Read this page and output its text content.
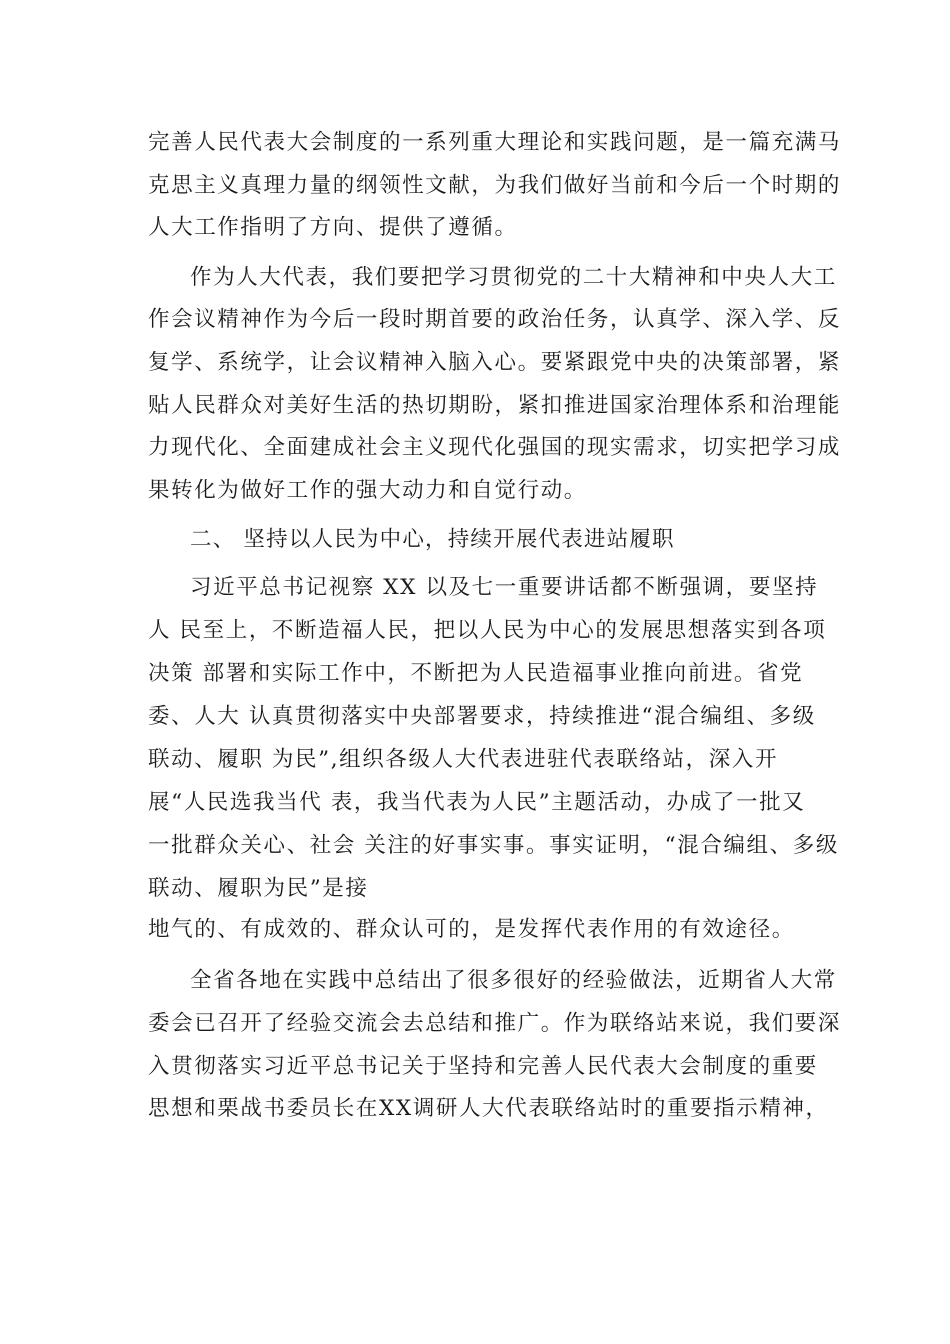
完善人民代表大会制度的一系列重大理论和实践问题，是一篇充满马
克思主义真理力量的纲领性文献，为我们做好当前和今后一个时期的
人大工作指明了方向、提供了遵循。
作为人大代表，我们要把学习贯彻党的二十大精神和中央人大工
作会议精神作为今后一段时期首要的政治任务，认真学、深入学、反
复学、系统学，让会议精神入脑入心。要紧跟党中央的决策部署，紧
贴人民群众对美好生活的热切期盼，紧扣推进国家治理体系和治理能
力现代化、全面建成社会主义现代化强国的现实需求，切实把学习成
果转化为做好工作的强大动力和自觉行动。
二、 坚持以人民为中心，持续开展代表进站履职
习近平总书记视察 XX 以及七一重要讲话都不断强调，要坚持
人 民至上，不断造福人民，把以人民为中心的发展思想落实到各项
决策 部署和实际工作中，不断把为人民造福事业推向前进。省党
委、人大 认真贯彻落实中央部署要求，持续推进“混合编组、多级
联动、履职 为民”,组织各级人大代表进驻代表联络站，深入开
展“人民选我当代 表，我当代表为人民”主题活动，办成了一批又
一批群众关心、社会 关注的好事实事。事实证明，“混合编组、多级
联动、履职为民”是接
地气的、有成效的、群众认可的，是发挥代表作用的有效途径。
全省各地在实践中总结出了很多很好的经验做法，近期省人大常
委会已召开了经验交流会去总结和推广。作为联络站来说，我们要深
入贯彻落实习近平总书记关于坚持和完善人民代表大会制度的重要
思想和栗战书委员长在XX调研人大代表联络站时的重要指示精神，
